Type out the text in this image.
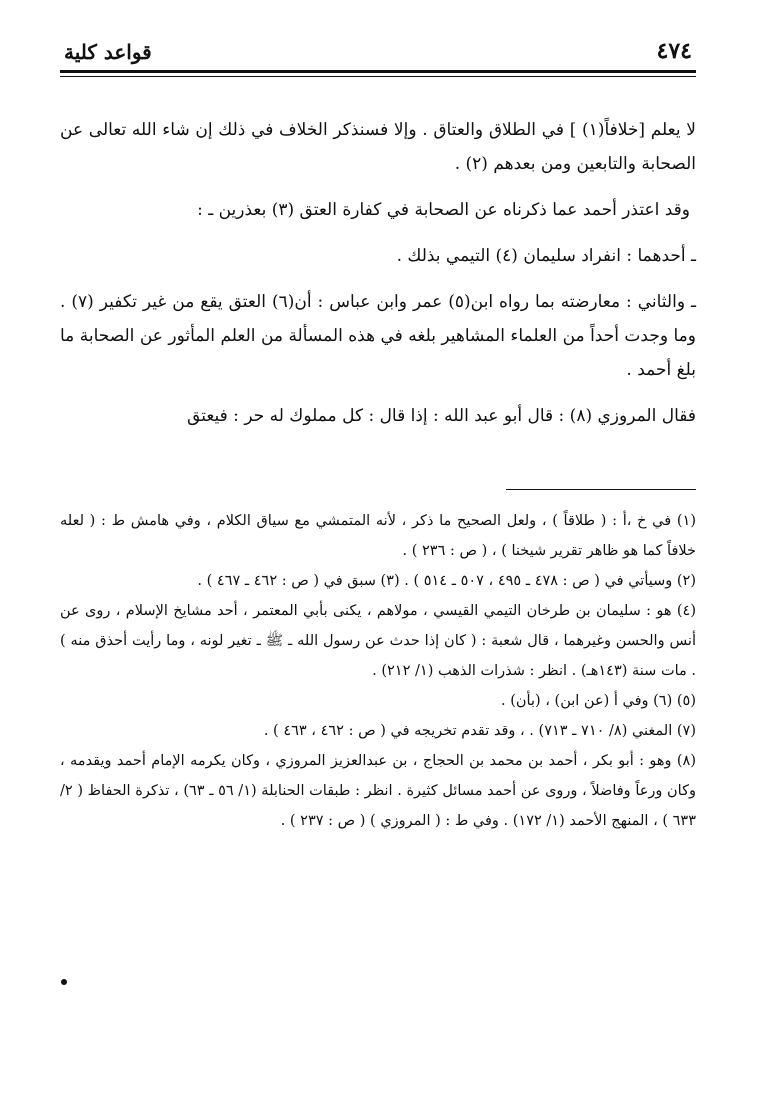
٤٧٤
قواعد كلية

لا يعلم [خلافاً(١) ] في الطلاق والعتاق . وإلا فسنذكر الخلاف في ذلك إن شاء الله تعالى عن الصحابة والتابعين ومن بعدهم (٢) .

وقد اعتذر أحمد عما ذكرناه عن الصحابة في كفارة العتق (٣) بعذرين ـ :

ـ أحدهما : انفراد سليمان (٤) التيمي بذلك .

ـ والثاني : معارضته بما رواه ابن(٥) عمر وابن عباس : أن(٦) العتق يقع من غير تكفير (٧) . وما وجدت أحداً من العلماء المشاهير بلغه في هذه المسألة من العلم المأثور عن الصحابة ما بلغ أحمد .

فقال المروزي (٨) : قال أبو عبد الله : إذا قال : كل مملوك له حر : فيعتق

(١) في خ ،أ : ( طلاقاً ) ، ولعل الصحيح ما ذكر ، لأنه المتمشي مع سياق الكلام ، وفي هامش ط : ( لعله خلافاً كما هو ظاهر تقرير شيخنا ) ، ( ص : ٢٣٦ ) .

(٢) وسيأتي في ( ص : ٤٧٨ ـ ٤٩٥ ، ٥٠٧ ـ ٥١٤ ) . (٣) سبق في ( ص : ٤٦٢ ـ ٤٦٧ ) .

(٤) هو : سليمان بن طرخان التيمي القيسي ، مولاهم ، يكنى بأبي المعتمر ، أحد مشايخ الإسلام ، روى عن أنس والحسن وغيرهما ، قال شعبة : ( كان إذا حدث عن رسول الله ـ ﷺ ـ تغير لونه ، وما رأيت أحذق منه ) . مات سنة (١٤٣هـ) . انظر : شذرات الذهب (١/ ٢١٢) .

(٥) (٦) وفي أ (عن ابن) ، (بأن) .

(٧) المغني (٨/ ٧١٠ ـ ٧١٣) . ، وقد تقدم تخريجه في ( ص : ٤٦٢ ، ٤٦٣ ) .

(٨) وهو : أبو بكر ، أحمد بن محمد بن الحجاج ، بن عبدالعزيز المروزي ، وكان يكرمه الإمام أحمد ويقدمه ، وكان ورعاً وفاضلاً ، وروى عن أحمد مسائل كثيرة . انظر : طبقات الحنابلة (١/ ٥٦ ـ ٦٣) ، تذكرة الحفاظ ( ٢/ ٦٣٣ ) ، المنهج الأحمد (١/ ١٧٢) . وفي ط : ( المروزي ) ( ص : ٢٣٧ ) .
